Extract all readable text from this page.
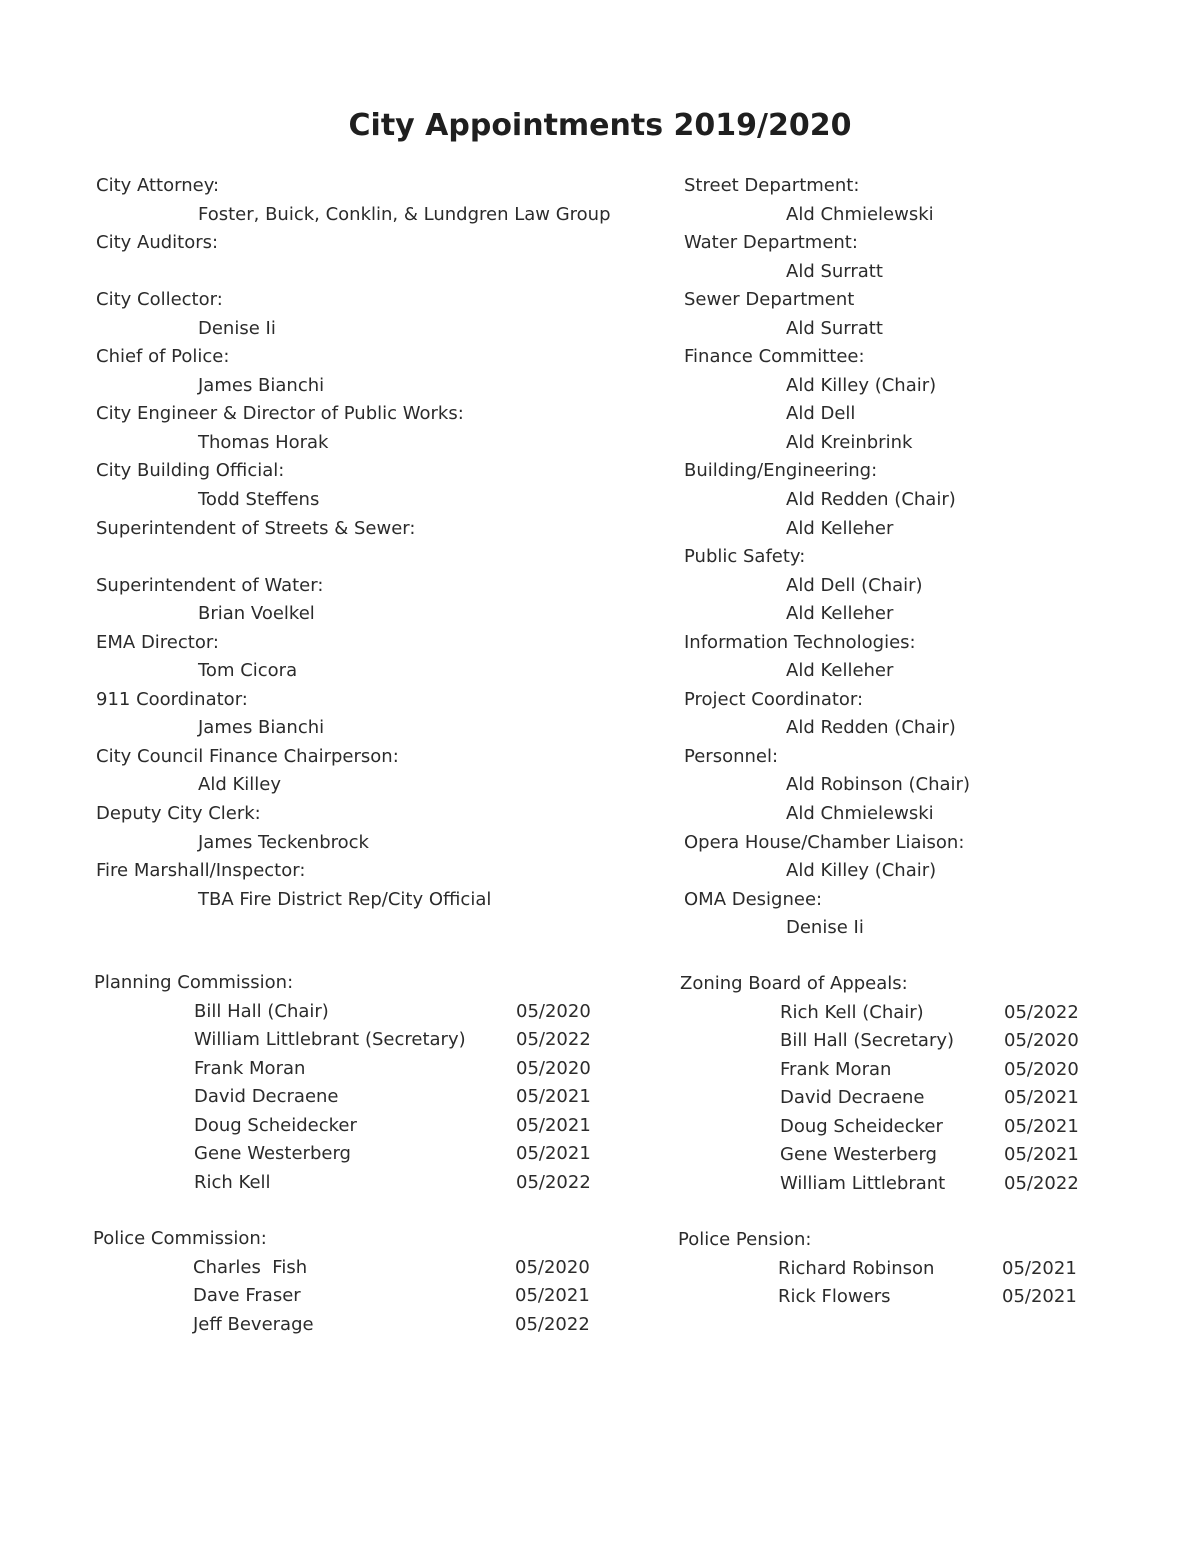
City Appointments 2019/2020
City Attorney:
Foster, Buick, Conklin, & Lundgren Law Group
City Auditors:
City Collector:
Denise Ii
Chief of Police:
James Bianchi
City Engineer & Director of Public Works:
Thomas Horak
City Building Official:
Todd Steffens
Superintendent of Streets & Sewer:
Superintendent of Water:
Brian Voelkel
EMA Director:
Tom Cicora
911 Coordinator:
James Bianchi
City Council Finance Chairperson:
Ald Killey
Deputy City Clerk:
James Teckenbrock
Fire Marshall/Inspector:
TBA Fire District Rep/City Official
Street Department:
Ald Chmielewski
Water Department:
Ald Surratt
Sewer Department
Ald Surratt
Finance Committee:
Ald Killey (Chair)
Ald Dell
Ald Kreinbrink
Building/Engineering:
Ald Redden (Chair)
Ald Kelleher
Public Safety:
Ald Dell (Chair)
Ald Kelleher
Information Technologies:
Ald Kelleher
Project Coordinator:
Ald Redden (Chair)
Personnel:
Ald Robinson (Chair)
Ald Chmielewski
Opera House/Chamber Liaison:
Ald Killey (Chair)
OMA Designee:
Denise Ii
Planning Commission:
Bill Hall (Chair)	05/2020
William Littlebrant (Secretary)	05/2022
Frank Moran	05/2020
David Decraene	05/2021
Doug Scheidecker	05/2021
Gene Westerberg	05/2021
Rich Kell	05/2022
Zoning Board of Appeals:
Rich Kell (Chair)	05/2022
Bill Hall (Secretary)	05/2020
Frank Moran	05/2020
David Decraene	05/2021
Doug Scheidecker	05/2021
Gene Westerberg	05/2021
William Littlebrant	05/2022
Police Commission:
Charles  Fish	05/2020
Dave Fraser	05/2021
Jeff Beverage	05/2022
Police Pension:
Richard Robinson	05/2021
Rick Flowers	05/2021
